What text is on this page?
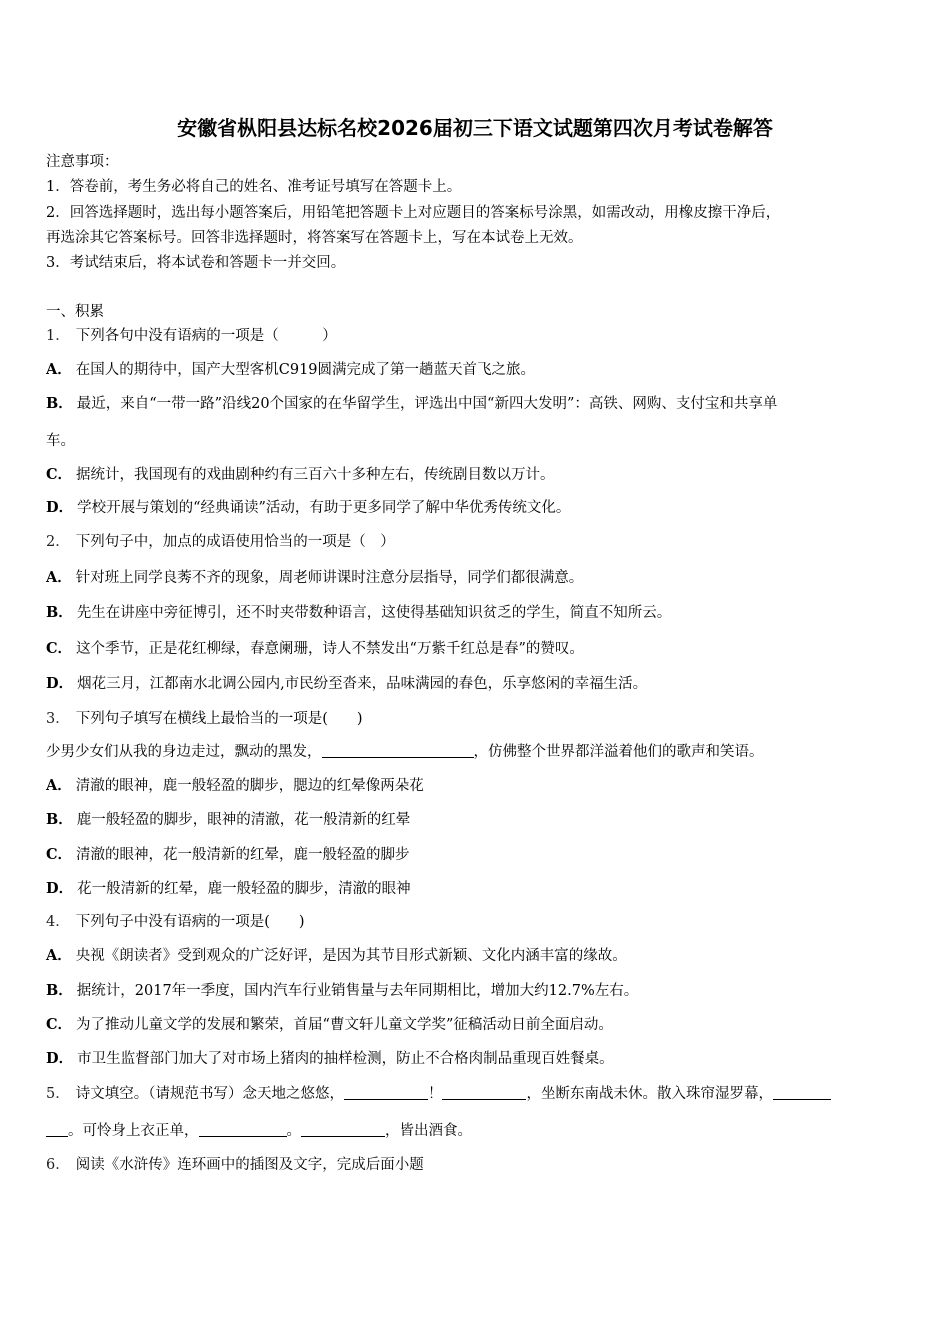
安徽省枞阳县达标名校2026届初三下语文试题第四次月考试卷解答
注意事项：
1．答卷前，考生务必将自己的姓名、准考证号填写在答题卡上。
2．回答选择题时，选出每小题答案后，用铅笔把答题卡上对应题目的答案标号涂黑，如需改动，用橡皮擦干净后，
再选涂其它答案标号。回答非选择题时，将答案写在答题卡上，写在本试卷上无效。
3．考试结束后，将本试卷和答题卡一并交回。
一、积累
1． 下列各句中没有语病的一项是（　　　）
A． 在国人的期待中，国产大型客机C919圆满完成了第一趟蓝天首飞之旅。
B． 最近，来自“一带一路”沿线20个国家的在华留学生，评选出中国“新四大发明”：高铁、网购、支付宝和共享单
车。
C． 据统计，我国现有的戏曲剧种约有三百六十多种左右，传统剧目数以万计。
D． 学校开展与策划的“经典诵读”活动，有助于更多同学了解中华优秀传统文化。
2． 下列句子中，加点的成语使用恰当的一项是（　）
A． 针对班上同学良莠不齐的现象，周老师讲课时注意分层指导，同学们都很满意。
B． 先生在讲座中旁征博引，还不时夹带数种语言，这使得基础知识贫乏的学生，简直不知所云。
C． 这个季节，正是花红柳绿，春意阑珊，诗人不禁发出“万紫千红总是春”的赞叹。
D． 烟花三月，江都南水北调公园内,市民纷至沓来，品味满园的春色，乐享悠闲的幸福生活。
3． 下列句子填写在横线上最恰当的一项是(　　)
少男少女们从我的身边走过，飘动的黑发，	，仿佛整个世界都洋溢着他们的歌声和笑语。
A． 清澈的眼神，鹿一般轻盈的脚步，腮边的红晕像两朵花
B． 鹿一般轻盈的脚步，眼神的清澈，花一般清新的红晕
C． 清澈的眼神，花一般清新的红晕，鹿一般轻盈的脚步
D． 花一般清新的红晕，鹿一般轻盈的脚步，清澈的眼神
4． 下列句子中没有语病的一项是(　　)
A． 央视《朗读者》受到观众的广泛好评，是因为其节目形式新颖、文化内涵丰富的缘故。
B． 据统计，2017年一季度，国内汽车行业销售量与去年同期相比，增加大约12.7%左右。
C． 为了推动儿童文学的发展和繁荣，首届“曹文轩儿童文学奖”征稿活动日前全面启动。
D． 市卫生监督部门加大了对市场上猪肉的抽样检测，防止不合格肉制品重现百姓餐桌。
5． 诗文填空。（请规范书写）念天地之悠悠，	！	，坐断东南战未休。散入珠帘湿罗幕，
。可怜身上衣正单，	。	，皆出酒食。
6． 阅读《水浒传》连环画中的插图及文字，完成后面小题
